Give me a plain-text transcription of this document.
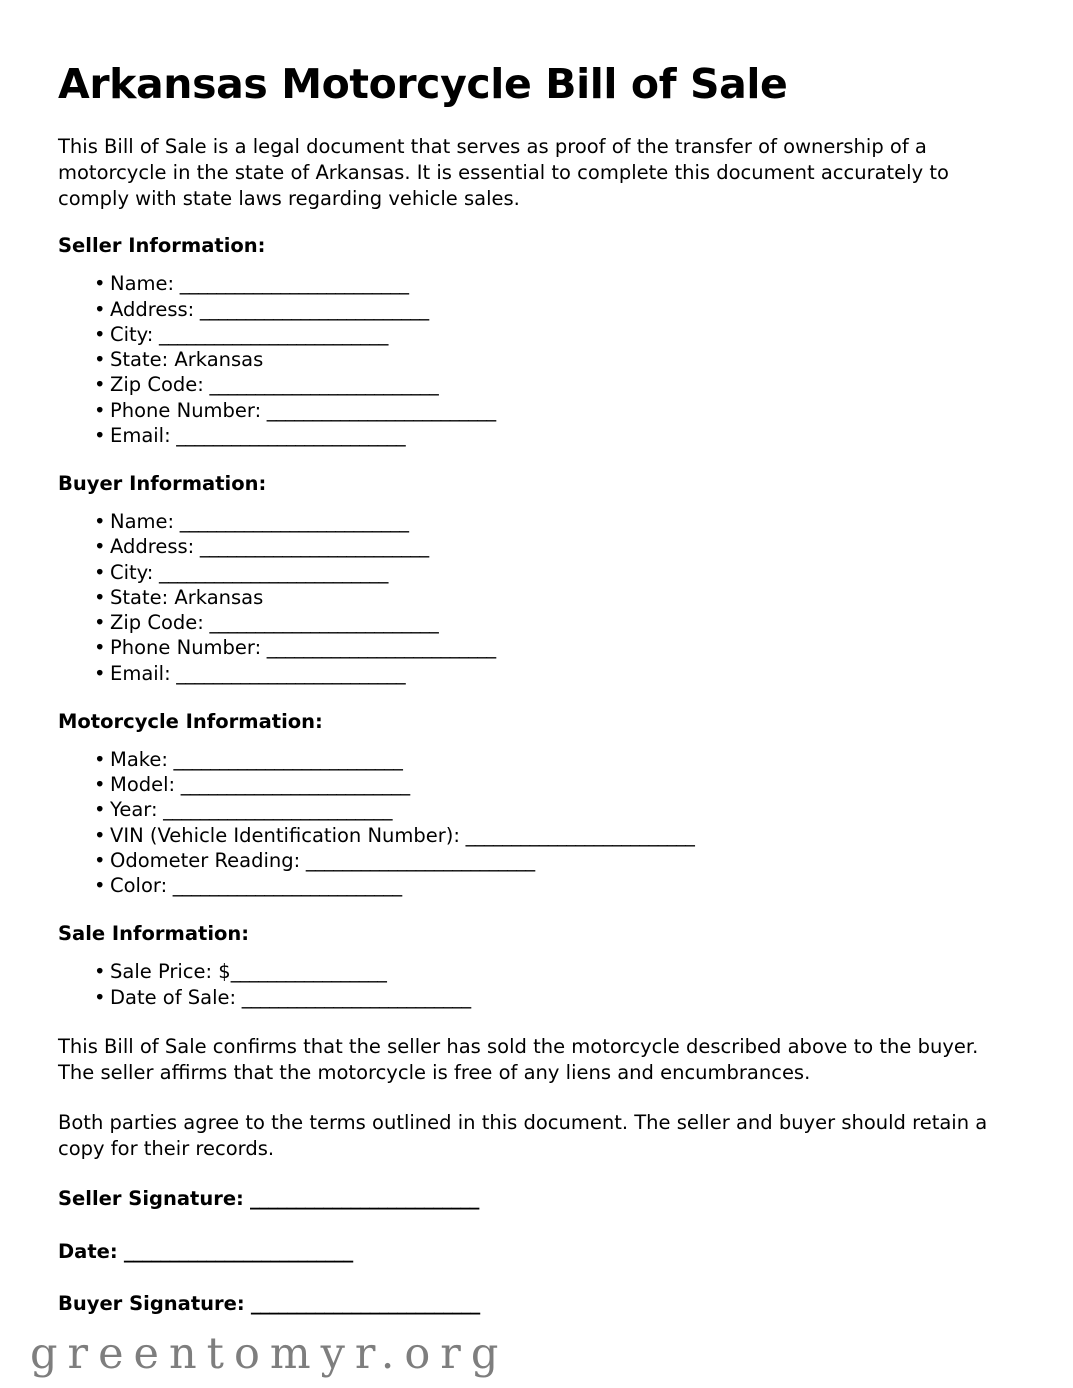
Arkansas Motorcycle Bill of Sale

This Bill of Sale is a legal document that serves as proof of the transfer of ownership of a motorcycle in the state of Arkansas. It is essential to complete this document accurately to comply with state laws regarding vehicle sales.

Seller Information:
• Name: _________________________
• Address: _________________________
• City: _________________________
• State: Arkansas
• Zip Code: _________________________
• Phone Number: _________________________
• Email: _________________________
Buyer Information:
• Name: _________________________
• Address: _________________________
• City: _________________________
• State: Arkansas
• Zip Code: _________________________
• Phone Number: _________________________
• Email: _________________________
Motorcycle Information:
• Make: _________________________
• Model: _________________________
• Year: _________________________
• VIN (Vehicle Identification Number): _________________________
• Odometer Reading: _________________________
• Color: _________________________
Sale Information:
• Sale Price: $_________________
• Date of Sale: _________________________

This Bill of Sale confirms that the seller has sold the motorcycle described above to the buyer. The seller affirms that the motorcycle is free of any liens and encumbrances.

Both parties agree to the terms outlined in this document. The seller and buyer should retain a copy for their records.

Seller Signature: _________________________
Date: _________________________
Buyer Signature: _________________________
greentomyr.org
